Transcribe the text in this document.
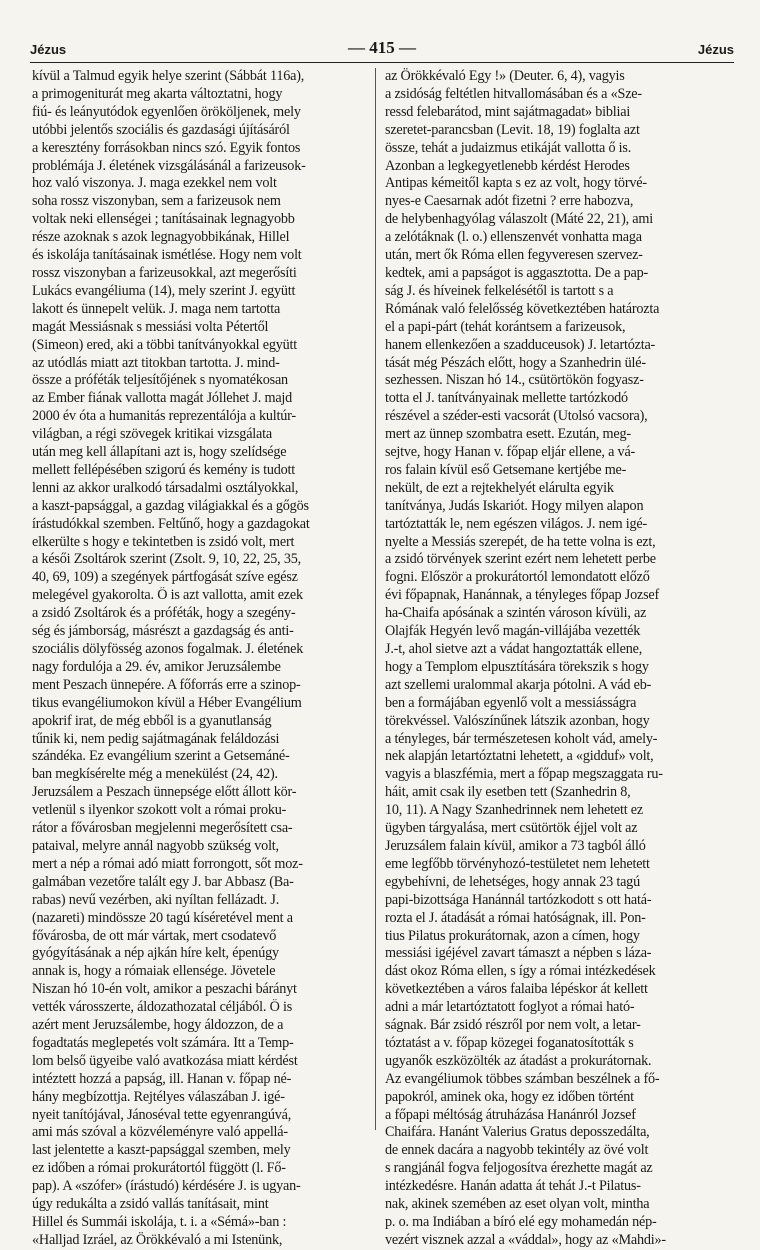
Jézus	— 415 —	Jézus
kívül a Talmud egyik helye szerint (Sábbát 116a),
a primogeniturát meg akarta változtatni, hogy
fiú- és leányutódok egyenlően örököljenek, mely
utóbbi jelentős szociális és gazdasági újításáról
a keresztény forrásokban nincs szó. Egyik fontos
problémája J. életének vizsgálásánál a farizeusok-
hoz való viszonya. J. maga ezekkel nem volt
soha rossz viszonyban, sem a farizeusok nem
voltak neki ellenségei ; tanításainak legnagyobb
része azoknak s azok legnagyobbikának, Hillel
és iskolája tanításainak ismétlése. Hogy nem volt
rossz viszonyban a farizeusokkal, azt megerősíti
Lukács evangéliuma (14), mely szerint J. együtt
lakott és ünnepelt velük. J. maga nem tartotta
magát Messiásnak s messiási volta Pétertől
(Simeon) ered, aki a többi tanítványokkal együtt
az utódlás miatt azt titokban tartotta. J. mind-
össze a próféták teljesítőjének s nyomatékosan
az Ember fiának vallotta magát Jóllehet J. majd
2000 év óta a humanitás reprezentálója a kultúr-
világban, a régi szövegek kritikai vizsgálata
után meg kell állapítani azt is, hogy szelídsége
mellett fellépésében szigorú és kemény is tudott
lenni az akkor uralkodó társadalmi osztályokkal,
a kaszt-papsággal, a gazdag világiakkal és a gőgös
írástudókkal szemben. Feltűnő, hogy a gazdagokat
elkerülte s hogy e tekintetben is zsidó volt, mert
a késői Zsoltárok szerint (Zsolt. 9, 10, 22, 25, 35,
40, 69, 109) a szegények pártfogását szíve egész
melegével gyakorolta. Ő is azt vallotta, amit ezek
a zsidó Zsoltárok és a próféták, hogy a szegény-
ség és jámborság, másrészt a gazdagság és anti-
szociális dölyfösség azonos fogalmak. J. életének
nagy fordulója a 29. év, amikor Jeruzsálembe
ment Peszach ünnepére. A főforrás erre a szinop-
tikus evangéliumokon kívül a Héber Evangélium
apokrif irat, de még ebből is a gyanutlanság
tűnik ki, nem pedig sajátmagának feláldozási
szándéka. Ez evangélium szerint a Getsemáné-
ban megkísérelte még a menekülést (24, 42).
Jeruzsálem a Peszach ünnepsége előtt állott kör-
vetlenül s ilyenkor szokott volt a római proku-
rátor a fővárosban megjelenni megerősített csa-
pataival, melyre annál nagyobb szükség volt,
mert a nép a római adó miatt forrongott, sőt moz-
galmában vezetőre talált egy J. bar Abbasz (Ba-
rabas) nevű vezérben, aki nyíltan fellázadt. J.
(nazareti) mindössze 20 tagú kíséretével ment a
fővárosba, de ott már vártak, mert csodatevő
gyógyításának a nép ajkán híre kelt, épenúgy
annak is, hogy a rómaiak ellensége. Jövetele
Niszan hó 10-én volt, amikor a peszachi bárányt
vették városszerte, áldozathozatal céljából. Ő is
azért ment Jeruzsálembe, hogy áldozzon, de a
fogadtatás meglepetés volt számára. Itt a Temp-
lom belső ügyeibe való avatkozása miatt kérdést
intéztett hozzá a papság, ill. Hanan v. főpap né-
hány megbízottja. Rejtélyes válaszában J. igé-
nyeit tanítójával, Jánoséval tette egyenrangúvá,
ami más szóval a közvéleményre való appellá-
last jelentette a kaszt-papsággal szemben, mely
ez időben a római prokurátortól függött (l. Fő-
pap). A «szófer» (írástudó) kérdésére J. is ugyan-
úgy redukálta a zsidó vallás tanításait, mint
Hillel és Summái iskolája, t. i. a «Sémá»-ban :
«Halljad Izráel, az Örökkévaló a mi Istenünk,
az Örökkévaló Egy !» (Deuter. 6, 4), vagyis
a zsidóság feltétlen hitvallomásában és a «Sze-
ressd felebarátod, mint sajátmagadat» bibliai
szeretet-parancsban (Levit. 18, 19) foglalta azt
össze, tehát a judaizmus etikáját vallotta ő is.
Azonban a legkegyetlenebb kérdést Herodes
Antipas kémeitől kapta s ez az volt, hogy törvé-
nyes-e Caesarnak adót fizetni ? erre habozva,
de helybenhagyólag válaszolt (Máté 22, 21), ami
a zelótáknak (l. o.) ellenszenvét vonhatta maga
után, mert ők Róma ellen fegyveresen szervez-
kedtek, ami a papságot is aggasztotta. De a pap-
ság J. és híveinek felkelésétől is tartott s a
Rómának való felelősség következtében határozta
el a papi-párt (tehát korántsem a farizeusok,
hanem ellenkezően a szadduceusok) J. letartózta-
tását még Pészách előtt, hogy a Szanhedrin ülé-
sezhessen. Niszan hó 14., csütörtökön fogyasz-
totta el J. tanítványainak mellette tartózkodó
részével a széder-esti vacsorát (Utolsó vacsora),
mert az ünnep szombatra esett. Ezután, meg-
sejtve, hogy Hanan v. főpap eljár ellene, a vá-
ros falain kívül eső Getsemane kertjébe me-
nekült, de ezt a rejtekhelyét elárulta egyik
tanítványa, Judás Iskariót. Hogy milyen alapon
tartóztatták le, nem egészen világos. J. nem igé-
nyelte a Messiás szerepét, de ha tette volna is ezt,
a zsidó törvények szerint ezért nem lehetett perbe
fogni. Először a prokurátortól lemondatott előző
évi főpapnak, Hanánnak, a tényleges főpap Jozsef
ha-Chaifa apósának a szintén városon kívüli, az
Olajfák Hegyén levő magán-villájába vezették
J.-t, ahol sietve azt a vádat hangoztatták ellene,
hogy a Templom elpusztítására törekszik s hogy
azt szellemi uralommal akarja pótolni. A vád eb-
ben a formájában egyenlő volt a messiásságra
törekvéssel. Valószínűnek látszik azonban, hogy
a tényleges, bár természetesen koholt vád, amely-
nek alapján letartóztatni lehetett, a «gidduf» volt,
vagyis a blaszfémia, mert a főpap megszaggata ru-
háit, amit csak ily esetben tett (Szanhedrin 8,
10, 11). A Nagy Szanhedrinnek nem lehetett ez
ügyben tárgyalása, mert csütörtök éjjel volt az
Jeruzsálem falain kívül, amikor a 73 tagból álló
eme legfőbb törvényhozó-testületet nem lehetett
egybehívni, de lehetséges, hogy annak 23 tagú
papi-bizottsága Hanánnál tartózkodott s ott hatá-
rozta el J. átadását a római hatóságnak, ill. Pon-
tius Pilatus prokurátornak, azon a címen, hogy
messiási igéjével zavart támaszt a népben s láza-
dást okoz Róma ellen, s így a római intézkedések
következtében a város falaiba lépéskor át kellett
adni a már letartóztatott foglyot a római ható-
ságnak. Bár zsidó részről por nem volt, a letar-
tóztatást a v. főpap közegei foganatosították s
ugyanők eszközölték az átadást a prokurátornak.
Az evangéliumok többes számban beszélnek a fő-
papokról, aminek oka, hogy ez időben történt
a főpapi méltóság átruházása Hanánról Jozsef
Chaifára. Hanánt Valerius Gratus deposszedálta,
de ennek dacára a nagyobb tekintély az övé volt
s rangjánál fogva feljogosítva érezhette magát az
intézkedésre. Hanán adatta át tehát J.-t Pilatus-
nak, akinek szemében az eset olyan volt, mintha
p. o. ma Indiában a bíró elé egy mohamedán nép-
vezért visznek azzal a «váddal», hogy az «Mahdi»-
